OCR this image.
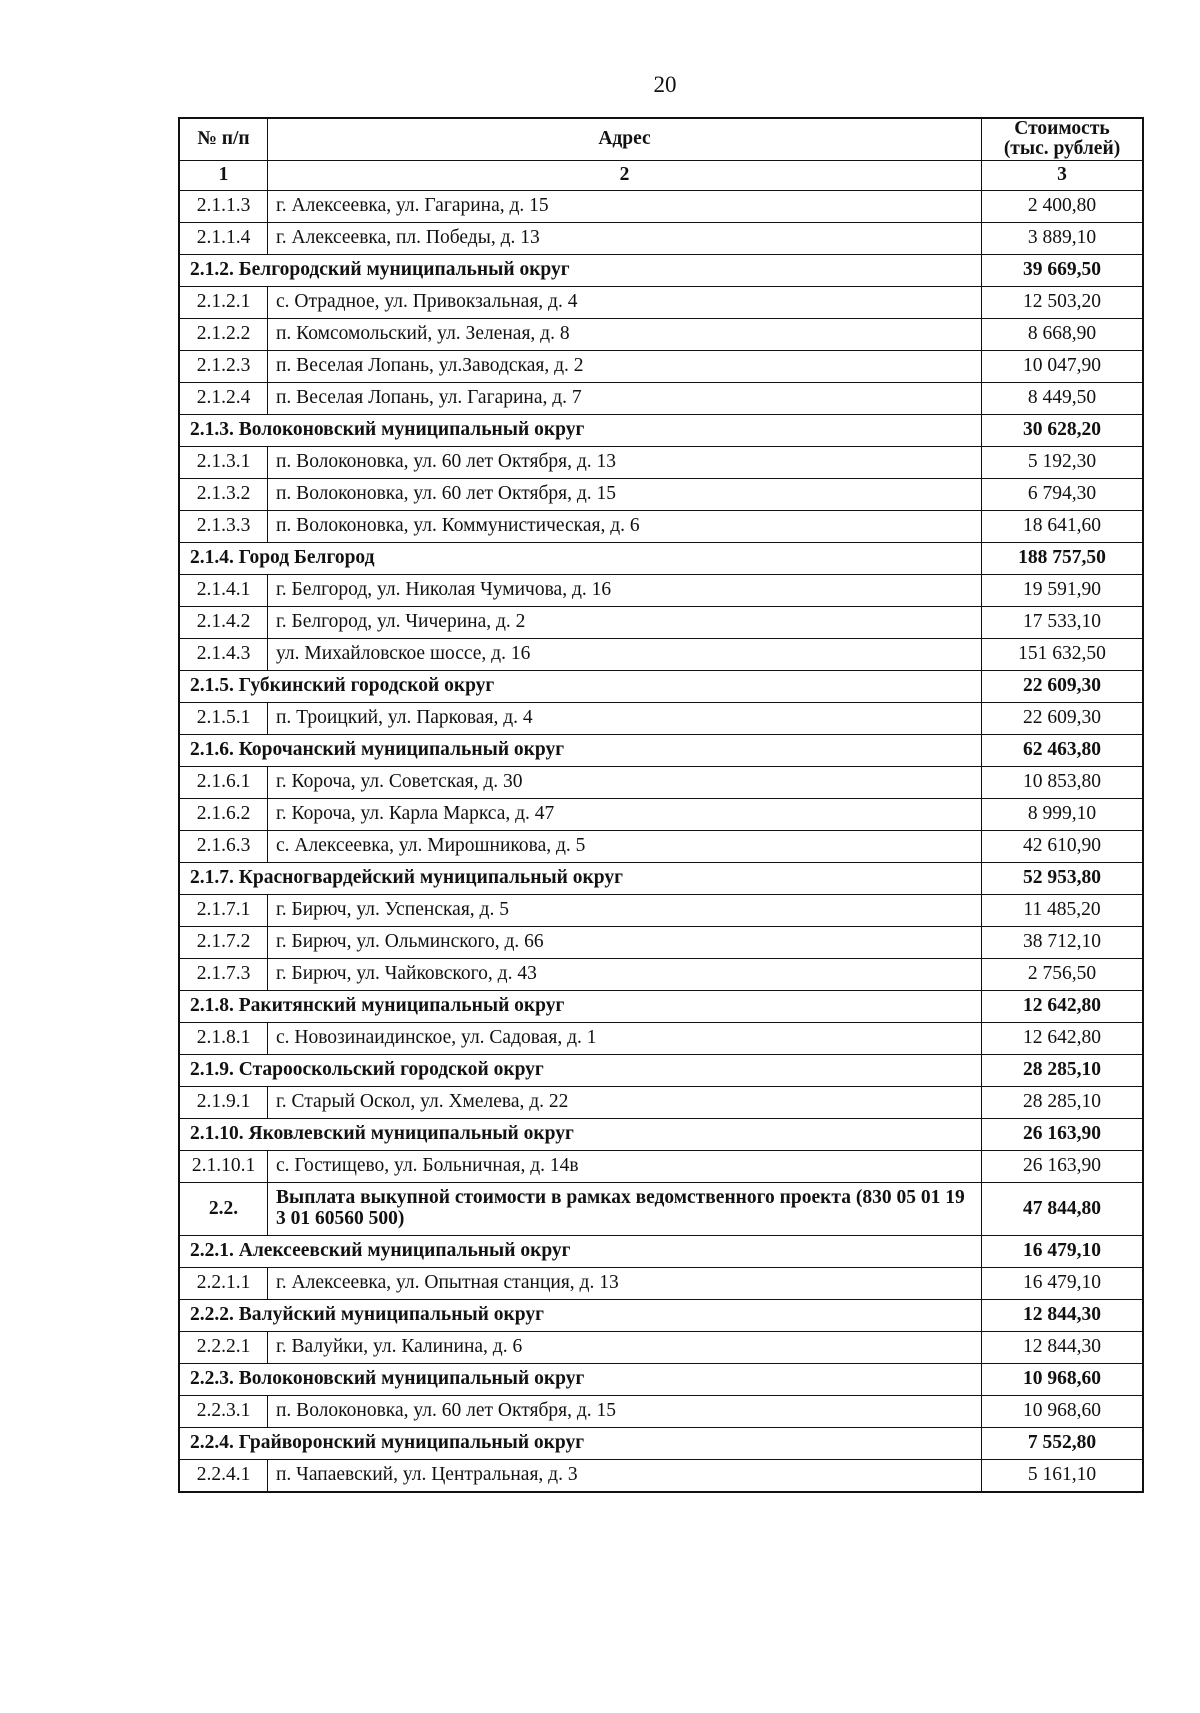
20
№ п/п	Адрес	Стоимость (тыс. рублей)
1	2	3
2.1.1.3	г. Алексеевка, ул. Гагарина, д. 15	2 400,80
2.1.1.4	г. Алексеевка, пл. Победы, д. 13	3 889,10
2.1.2. Белгородский муниципальный округ		39 669,50
2.1.2.1	с. Отрадное, ул. Привокзальная, д. 4	12 503,20
2.1.2.2	п. Комсомольский, ул. Зеленая, д. 8	8 668,90
2.1.2.3	п. Веселая Лопань, ул.Заводская, д. 2	10 047,90
2.1.2.4	п. Веселая Лопань, ул. Гагарина, д. 7	8 449,50
2.1.3. Волоконовский муниципальный округ		30 628,20
2.1.3.1	п. Волоконовка, ул. 60 лет Октября, д. 13	5 192,30
2.1.3.2	п. Волоконовка, ул. 60 лет Октября, д. 15	6 794,30
2.1.3.3	п. Волоконовка, ул. Коммунистическая, д. 6	18 641,60
2.1.4. Город Белгород		188 757,50
2.1.4.1	г. Белгород, ул. Николая Чумичова, д. 16	19 591,90
2.1.4.2	г. Белгород, ул. Чичерина, д. 2	17 533,10
2.1.4.3	ул. Михайловское шоссе, д. 16	151 632,50
2.1.5. Губкинский городской округ		22 609,30
2.1.5.1	п. Троицкий, ул. Парковая, д. 4	22 609,30
2.1.6. Корочанский муниципальный округ		62 463,80
2.1.6.1	г. Короча, ул. Советская, д. 30	10 853,80
2.1.6.2	г. Короча, ул. Карла Маркса, д. 47	8 999,10
2.1.6.3	с. Алексеевка, ул. Мирошникова, д. 5	42 610,90
2.1.7. Красногвардейский муниципальный округ		52 953,80
2.1.7.1	г. Бирюч, ул. Успенская, д. 5	11 485,20
2.1.7.2	г. Бирюч, ул. Ольминского, д. 66	38 712,10
2.1.7.3	г. Бирюч, ул. Чайковского, д. 43	2 756,50
2.1.8. Ракитянский муниципальный округ		12 642,80
2.1.8.1	с. Новозинаидинское, ул. Садовая, д. 1	12 642,80
2.1.9. Старооскольский городской округ		28 285,10
2.1.9.1	г. Старый Оскол, ул. Хмелева, д. 22	28 285,10
2.1.10. Яковлевский муниципальный округ		26 163,90
2.1.10.1	с. Гостищево, ул. Больничная, д. 14в	26 163,90
2.2.	Выплата выкупной стоимости в рамках ведомственного проекта (830 05 01 19 3 01 60560 500)	47 844,80
2.2.1. Алексеевский муниципальный округ		16 479,10
2.2.1.1	г. Алексеевка, ул. Опытная станция, д. 13	16 479,10
2.2.2. Валуйский муниципальный округ		12 844,30
2.2.2.1	г. Валуйки, ул. Калинина, д. 6	12 844,30
2.2.3. Волоконовский муниципальный округ		10 968,60
2.2.3.1	п. Волоконовка, ул. 60 лет Октября, д. 15	10 968,60
2.2.4. Грайворонский муниципальный округ		7 552,80
2.2.4.1	п. Чапаевский, ул. Центральная, д. 3	5 161,10
